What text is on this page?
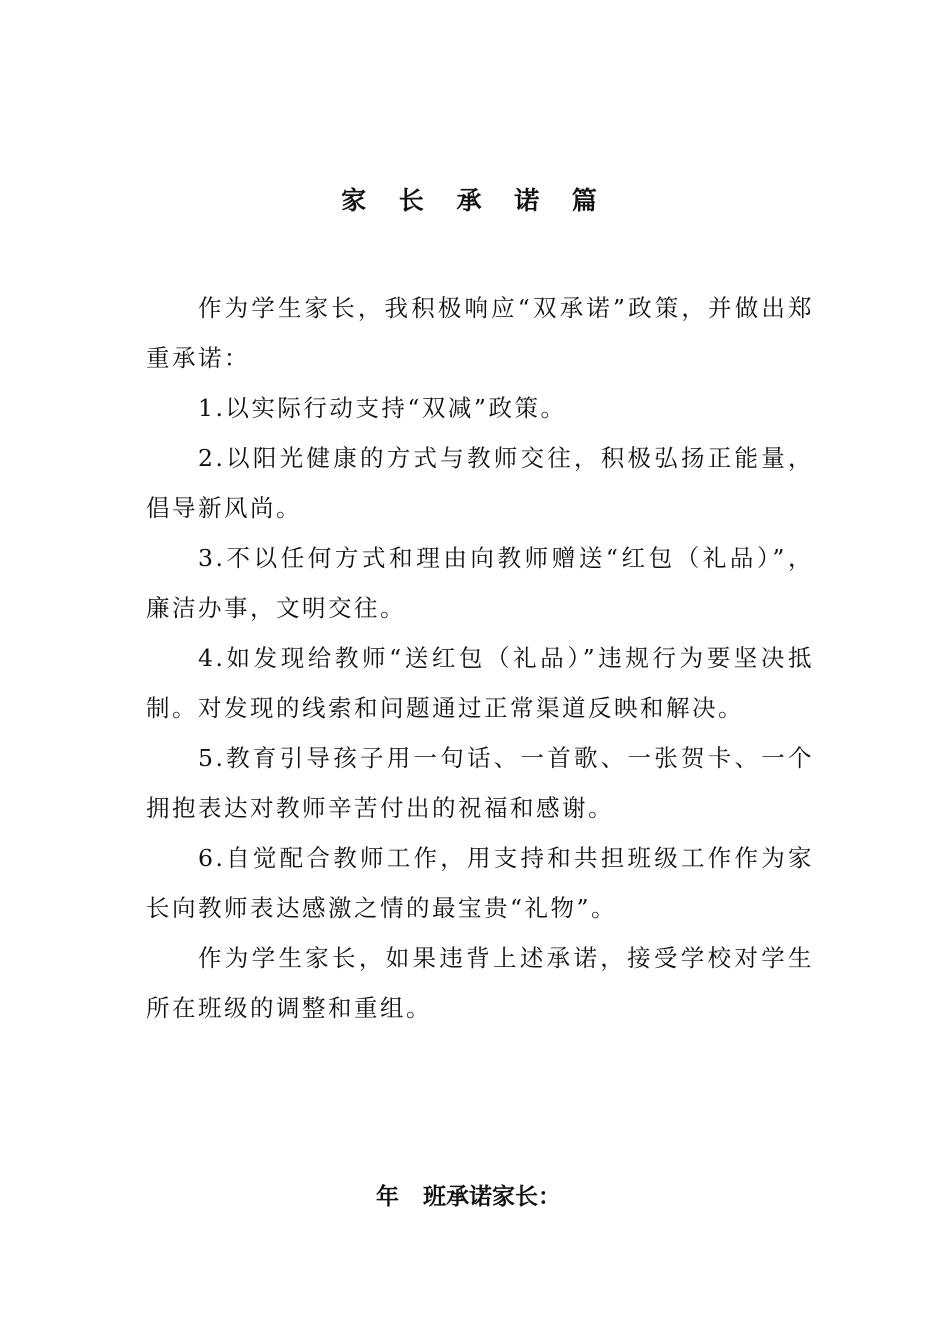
家 长 承 诺 篇

作为学生家长，我积极响应“双承诺”政策，并做出郑重承诺：

1.以实际行动支持“双减”政策。

2.以阳光健康的方式与教师交往，积极弘扬正能量，倡导新风尚。

3.不以任何方式和理由向教师赠送“红包（礼品）”，廉洁办事，文明交往。

4.如发现给教师“送红包（礼品）”违规行为要坚决抵制。对发现的线索和问题通过正常渠道反映和解决。

5.教育引导孩子用一句话、一首歌、一张贺卡、一个拥抱表达对教师辛苦付出的祝福和感谢。

6.自觉配合教师工作，用支持和共担班级工作作为家长向教师表达感激之情的最宝贵“礼物”。

作为学生家长，如果违背上述承诺，接受学校对学生所在班级的调整和重组。

年   班承诺家长：
